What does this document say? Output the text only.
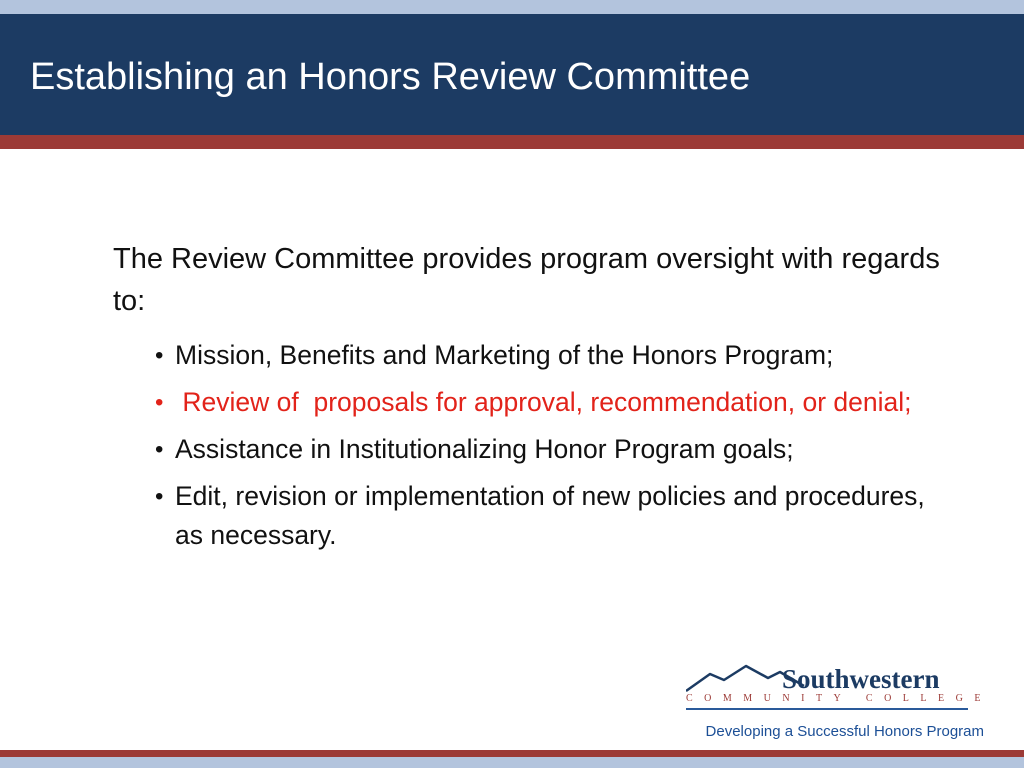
Establishing an Honors Review Committee

The Review Committee provides program oversight with regards to:

• Mission, Benefits and Marketing of the Honors Program;
• Review of  proposals for approval, recommendation, or denial;
• Assistance in Institutionalizing Honor Program goals;
• Edit, revision or implementation of new policies and procedures, as necessary.
Southwestern
COMMUNITY COLLEGE
Developing a Successful Honors Program
